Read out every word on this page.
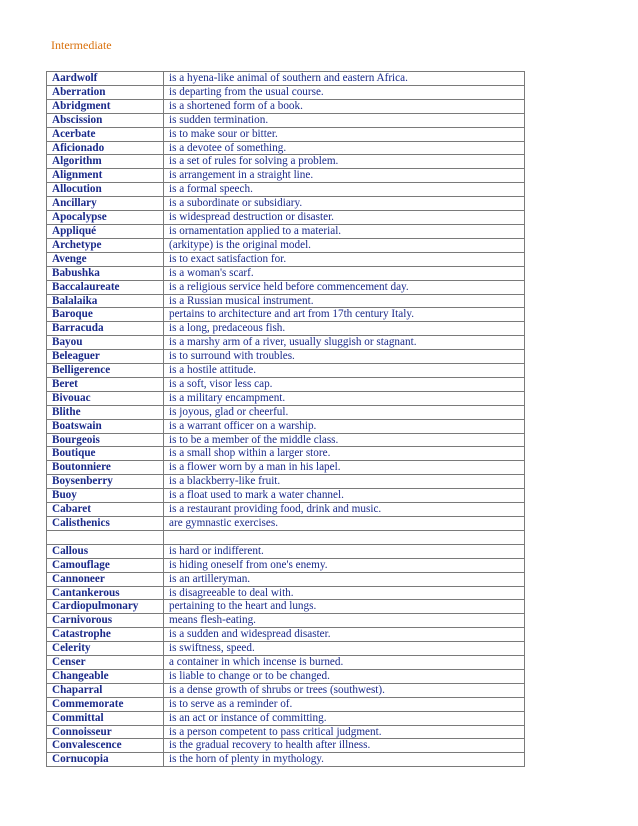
Intermediate
Aardwolf	is a hyena-like animal of southern and eastern Africa.
Aberration	is departing from the usual course.
Abridgment	is a shortened form of a book.
Abscission	is sudden termination.
Acerbate	is to make sour or bitter.
Aficionado	is a devotee of something.
Algorithm	is a set of rules for solving a problem.
Alignment	is arrangement in a straight line.
Allocution	is a formal speech.
Ancillary	is a subordinate or subsidiary.
Apocalypse	is widespread destruction or disaster.
Appliqué	is ornamentation applied to a material.
Archetype	(arkitype) is the original model.
Avenge	is to exact satisfaction for.
Babushka	is a woman's scarf.
Baccalaureate	is a religious service held before commencement day.
Balalaika	is a Russian musical instrument.
Baroque	pertains to architecture and art from 17th century Italy.
Barracuda	is a long, predaceous fish.
Bayou	is a marshy arm of a river, usually sluggish or stagnant.
Beleaguer	is to surround with troubles.
Belligerence	is a hostile attitude.
Beret	is a soft, visor less cap.
Bivouac	is a military encampment.
Blithe	is joyous, glad or cheerful.
Boatswain	is a warrant officer on a warship.
Bourgeois	is to be a member of the middle class.
Boutique	is a small shop within a larger store.
Boutonniere	is a flower worn by a man in his lapel.
Boysenberry	is a blackberry-like fruit.
Buoy	is a float used to mark a water channel.
Cabaret	is a restaurant providing food, drink and music.
Calisthenics	are gymnastic exercises.

Callous	is hard or indifferent.
Camouflage	is hiding oneself from one's enemy.
Cannoneer	is an artilleryman.
Cantankerous	is disagreeable to deal with.
Cardiopulmonary	pertaining to the heart and lungs.
Carnivorous	means flesh-eating.
Catastrophe	is a sudden and widespread disaster.
Celerity	is swiftness, speed.
Censer	a container in which incense is burned.
Changeable	is liable to change or to be changed.
Chaparral	is a dense growth of shrubs or trees (southwest).
Commemorate	is to serve as a reminder of.
Committal	is an act or instance of committing.
Connoisseur	is a person competent to pass critical judgment.
Convalescence	is the gradual recovery to health after illness.
Cornucopia	is the horn of plenty in mythology.
